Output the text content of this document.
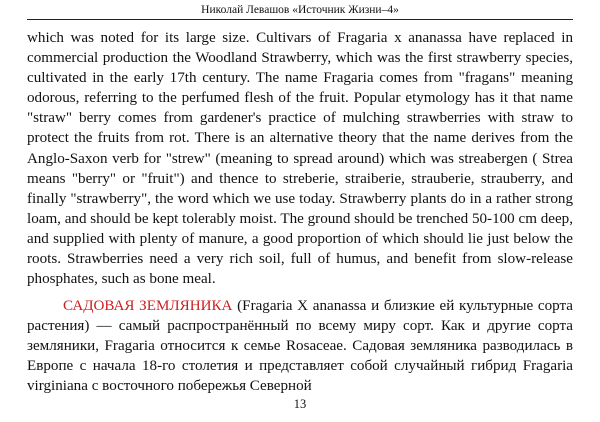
Николай Левашов «Источник Жизни–4»

which was noted for its large size. Cultivars of Fragaria x ananassa have replaced in commercial production the Woodland Strawberry, which was the first strawberry species, cultivated in the early 17th century. The name Fragaria comes from "fragans" meaning odorous, referring to the perfumed flesh of the fruit. Popular etymology has it that name "straw" berry comes from gardener's practice of mulching strawberries with straw to protect the fruits from rot. There is an alternative theory that the name derives from the Anglo-Saxon verb for "strew" (meaning to spread around) which was streabergen ( Strea means "berry" or "fruit") and thence to streberie, straiberie, strauberie, strauberry, and finally "strawberry", the word which we use today. Strawberry plants do in a rather strong loam, and should be kept tolerably moist. The ground should be trenched 50-100 cm deep, and supplied with plenty of manure, a good proportion of which should lie just below the roots. Strawberries need a very rich soil, full of humus, and benefit from slow-release phosphates, such as bone meal.

САДОВАЯ ЗЕМЛЯНИКА (Fragaria X ananassa и близкие ей культурные сорта растения) — самый распространённый по всему миру сорт. Как и другие сорта земляники, Fragaria относится к семье Rosaceae. Садовая земляника разводилась в Европе с начала 18-го столетия и представляет собой случайный гибрид Fragaria virginiana с восточного побережья Северной

13
